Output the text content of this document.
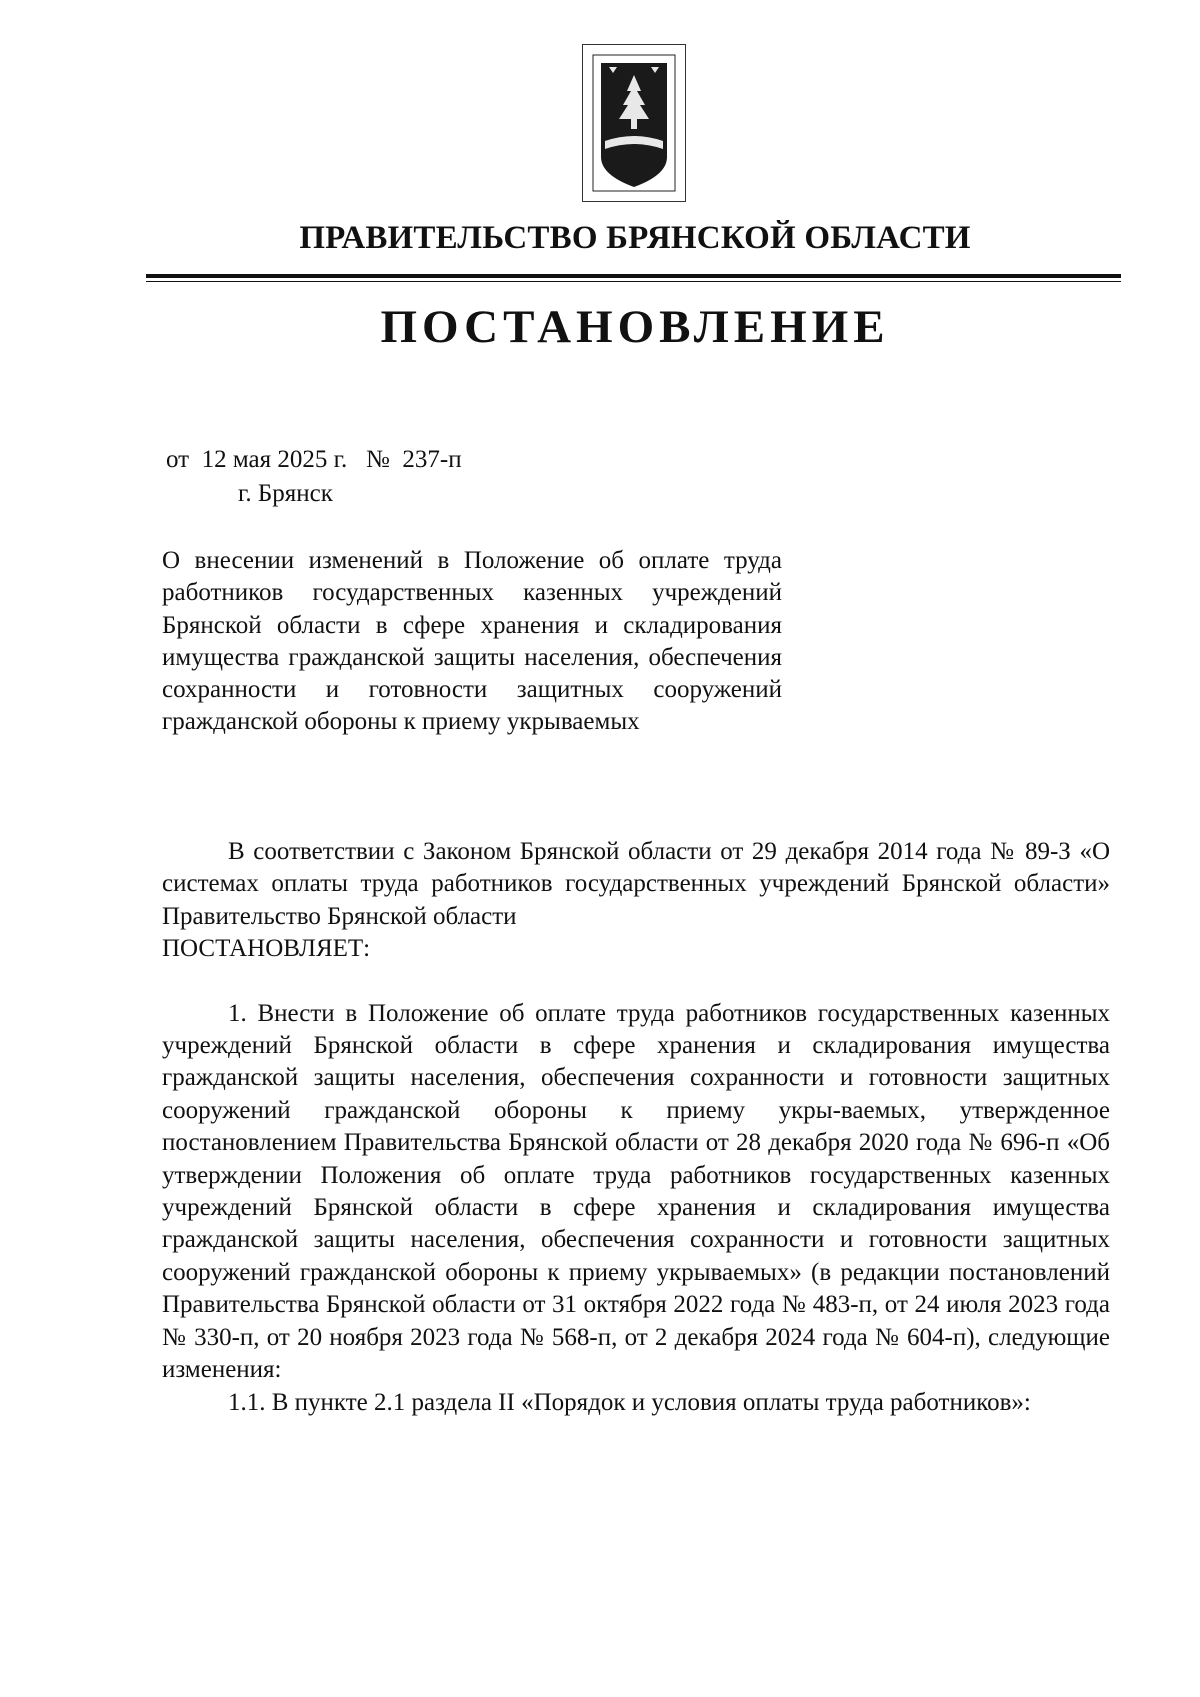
ПРАВИТЕЛЬСТВО БРЯНСКОЙ ОБЛАСТИ
ПОСТАНОВЛЕНИЕ
от 12 мая 2025 г. № 237-п
г. Брянск

О внесении изменений в Положение об оплате труда работников государственных казенных учреждений Брянской области в сфере хранения и складирования имущества гражданской защиты населения, обеспечения сохранности и готовности защитных сооружений гражданской обороны к приему укрываемых

В соответствии с Законом Брянской области от 29 декабря 2014 года № 89-З «О системах оплаты труда работников государственных учреждений Брянской области» Правительство Брянской области

ПОСТАНОВЛЯЕТ:

1. Внести в Положение об оплате труда работников государственных казенных учреждений Брянской области в сфере хранения и складирования имущества гражданской защиты населения, обеспечения сохранности и готовности защитных сооружений гражданской обороны к приему укры-ваемых, утвержденное постановлением Правительства Брянской области от 28 декабря 2020 года № 696-п «Об утверждении Положения об оплате труда работников государственных казенных учреждений Брянской области в сфере хранения и складирования имущества гражданской защиты населения, обеспечения сохранности и готовности защитных сооружений гражданской обороны к приему укрываемых» (в редакции постановлений Правительства Брянской области от 31 октября 2022 года № 483-п, от 24 июля 2023 года № 330-п, от 20 ноября 2023 года № 568-п, от 2 декабря 2024 года № 604-п), следующие изменения:

1.1. В пункте 2.1 раздела II «Порядок и условия оплаты труда работников»:
